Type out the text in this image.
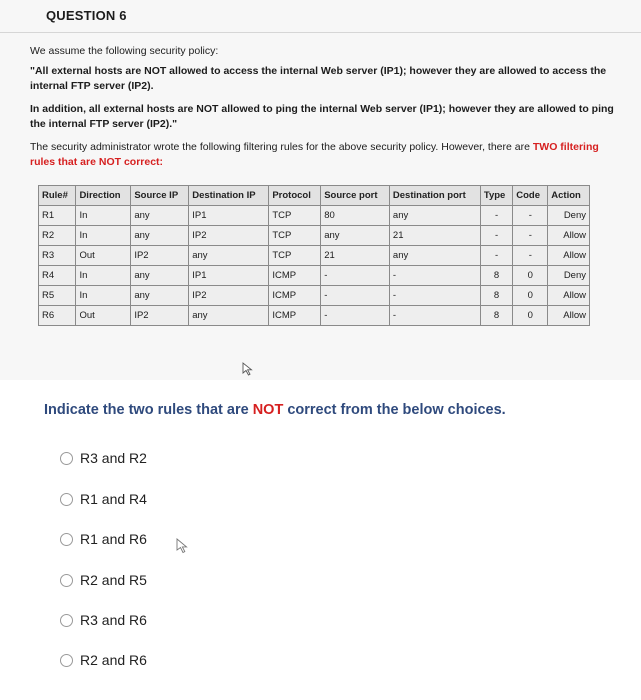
QUESTION 6
We assume the following security policy:
"All external hosts are NOT allowed to access the internal Web server (IP1); however they are allowed to access the internal FTP server (IP2).
In addition, all external hosts are NOT allowed to ping the internal Web server (IP1); however they are allowed to ping the internal FTP server (IP2)."
The security administrator wrote the following filtering rules for the above security policy. However, there are TWO filtering rules that are NOT correct:
Rule#	Direction	Source IP	Destination IP	Protocol	Source port	Destination port	Type	Code	Action
R1	In	any	IP1	TCP	80	any	-	-	Deny
R2	In	any	IP2	TCP	any	21	-	-	Allow
R3	Out	IP2	any	TCP	21	any	-	-	Allow
R4	In	any	IP1	ICMP	-	-	8	0	Deny
R5	In	any	IP2	ICMP	-	-	8	0	Allow
R6	Out	IP2	any	ICMP	-	-	8	0	Allow
Indicate the two rules that are NOT correct from the below choices.
R3 and R2
R1 and R4
R1 and R6
R2 and R5
R3 and R6
R2 and R6
